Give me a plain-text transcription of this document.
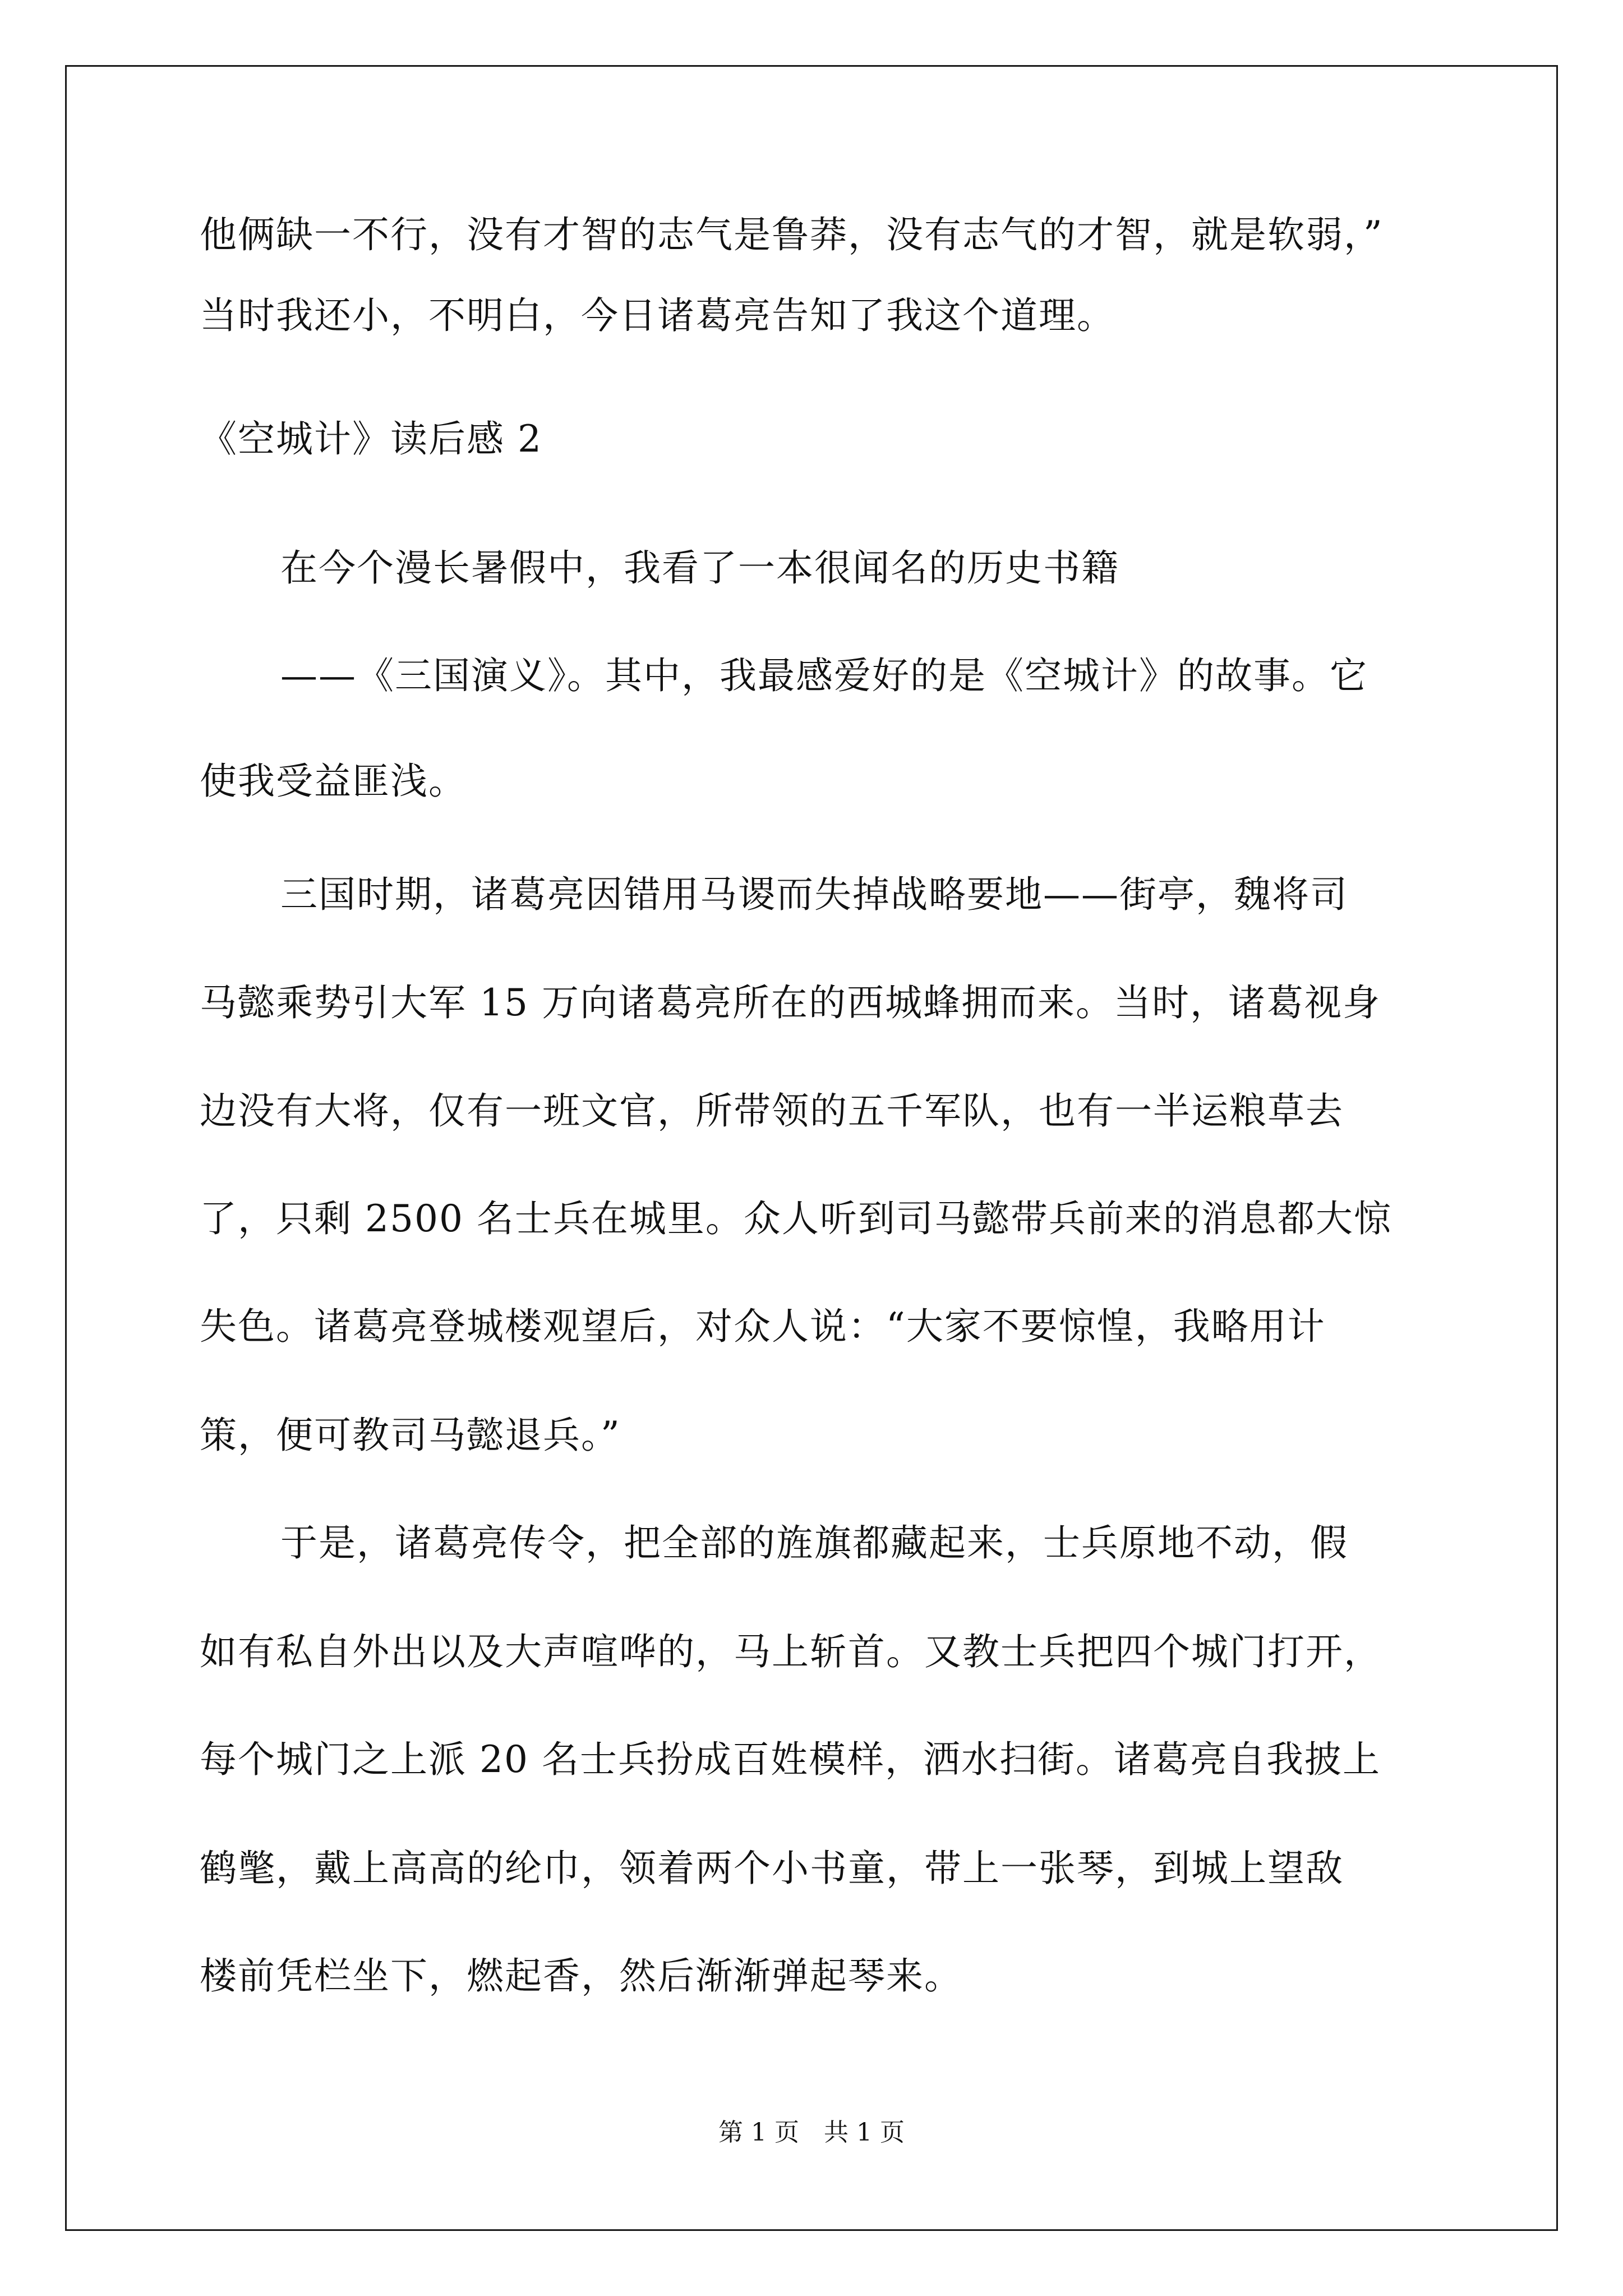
他俩缺一不行，没有才智的志气是鲁莽，没有志气的才智，就是软弱，”
当时我还小，不明白，今日诸葛亮告知了我这个道理。
《空城计》读后感 2
在今个漫长暑假中，我看了一本很闻名的历史书籍
——《三国演义》。其中，我最感爱好的是《空城计》的故事。它
使我受益匪浅。
三国时期，诸葛亮因错用马谡而失掉战略要地——街亭，魏将司
马懿乘势引大军 15 万向诸葛亮所在的西城蜂拥而来。当时，诸葛视身
边没有大将，仅有一班文官，所带领的五千军队，也有一半运粮草去
了，只剩 2500 名士兵在城里。众人听到司马懿带兵前来的消息都大惊
失色。诸葛亮登城楼观望后，对众人说：“大家不要惊惶，我略用计
策，便可教司马懿退兵。”
于是，诸葛亮传令，把全部的旌旗都藏起来，士兵原地不动，假
如有私自外出以及大声喧哗的，马上斩首。又教士兵把四个城门打开，
每个城门之上派 20 名士兵扮成百姓模样，洒水扫街。诸葛亮自我披上
鹤氅，戴上高高的纶巾，领着两个小书童，带上一张琴，到城上望敌
楼前凭栏坐下，燃起香，然后渐渐弹起琴来。
第 1 页 共 1 页
